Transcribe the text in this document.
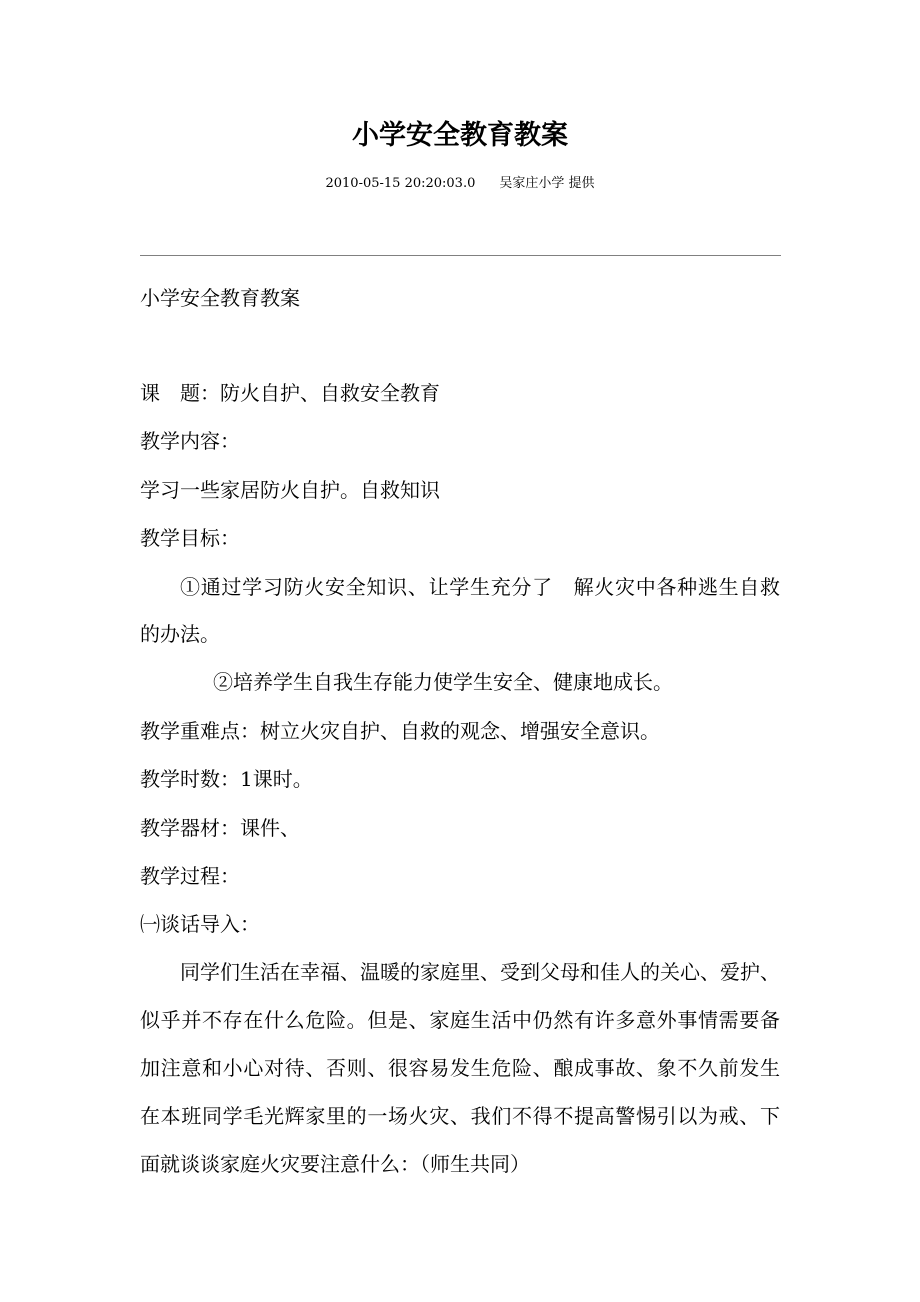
小学安全教育教案
2010-05-15 20:20:03.0 吴家庄小学 提供
小学安全教育教案
课　题：防火自护、自救安全教育
教学内容：
学习一些家居防火自护。自救知识
教学目标：
①通过学习防火安全知识、让学生充分了　解火灾中各种逃生自救
的办法。
②培养学生自我生存能力使学生安全、健康地成长。
教学重难点：树立火灾自护、自救的观念、增强安全意识。
教学时数：1课时。
教学器材：课件、
教学过程：
㈠谈话导入：
同学们生活在幸福、温暖的家庭里、受到父母和佳人的关心、爱护、
似乎并不存在什么危险。但是、家庭生活中仍然有许多意外事情需要备
加注意和小心对待、否则、很容易发生危险、酿成事故、象不久前发生
在本班同学毛光辉家里的一场火灾、我们不得不提高警惕引以为戒、下
面就谈谈家庭火灾要注意什么：（师生共同）
